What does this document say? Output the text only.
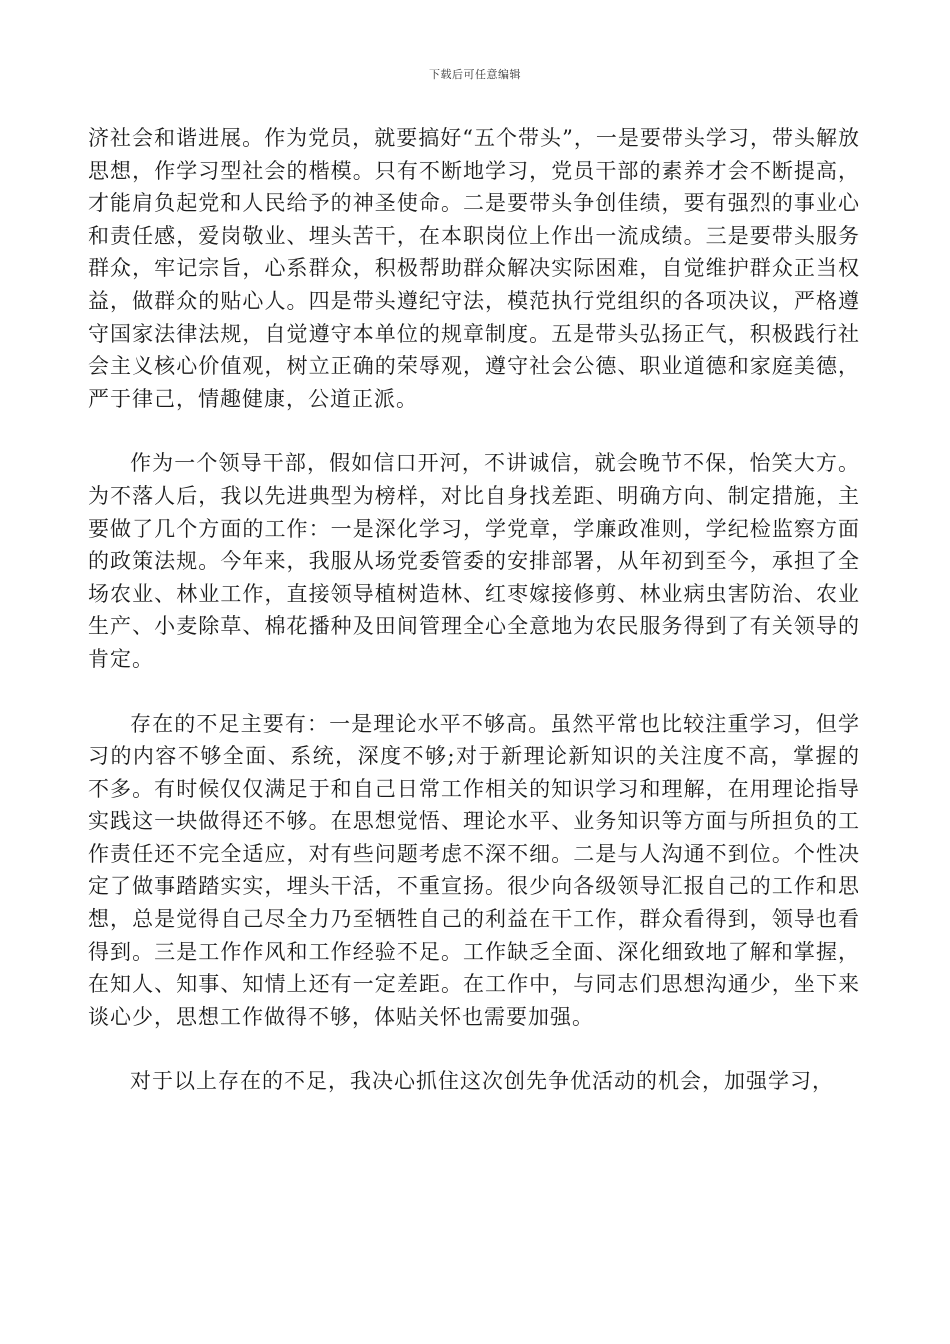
下载后可任意编辑

济社会和谐进展。作为党员，就要搞好“五个带头”，一是要带头学习，带头解放思想，作学习型社会的楷模。只有不断地学习，党员干部的素养才会不断提高，才能肩负起党和人民给予的神圣使命。二是要带头争创佳绩，要有强烈的事业心和责任感，爱岗敬业、埋头苦干，在本职岗位上作出一流成绩。三是要带头服务群众，牢记宗旨，心系群众，积极帮助群众解决实际困难，自觉维护群众正当权益，做群众的贴心人。四是带头遵纪守法，模范执行党组织的各项决议，严格遵守国家法律法规，自觉遵守本单位的规章制度。五是带头弘扬正气，积极践行社会主义核心价值观，树立正确的荣辱观，遵守社会公德、职业道德和家庭美德，严于律己，情趣健康，公道正派。

作为一个领导干部，假如信口开河，不讲诚信，就会晚节不保，怡笑大方。为不落人后，我以先进典型为榜样，对比自身找差距、明确方向、制定措施，主要做了几个方面的工作：一是深化学习，学党章，学廉政准则，学纪检监察方面的政策法规。今年来，我服从场党委管委的安排部署，从年初到至今，承担了全场农业、林业工作，直接领导植树造林、红枣嫁接修剪、林业病虫害防治、农业生产、小麦除草、棉花播种及田间管理全心全意地为农民服务得到了有关领导的肯定。

存在的不足主要有：一是理论水平不够高。虽然平常也比较注重学习，但学习的内容不够全面、系统，深度不够;对于新理论新知识的关注度不高，掌握的不多。有时候仅仅满足于和自己日常工作相关的知识学习和理解，在用理论指导实践这一块做得还不够。在思想觉悟、理论水平、业务知识等方面与所担负的工作责任还不完全适应，对有些问题考虑不深不细。二是与人沟通不到位。个性决定了做事踏踏实实，埋头干活，不重宣扬。很少向各级领导汇报自己的工作和思想，总是觉得自己尽全力乃至牺牲自己的利益在干工作，群众看得到，领导也看得到。三是工作作风和工作经验不足。工作缺乏全面、深化细致地了解和掌握，在知人、知事、知情上还有一定差距。在工作中，与同志们思想沟通少，坐下来谈心少，思想工作做得不够，体贴关怀也需要加强。

对于以上存在的不足，我决心抓住这次创先争优活动的机会，加强学习，
